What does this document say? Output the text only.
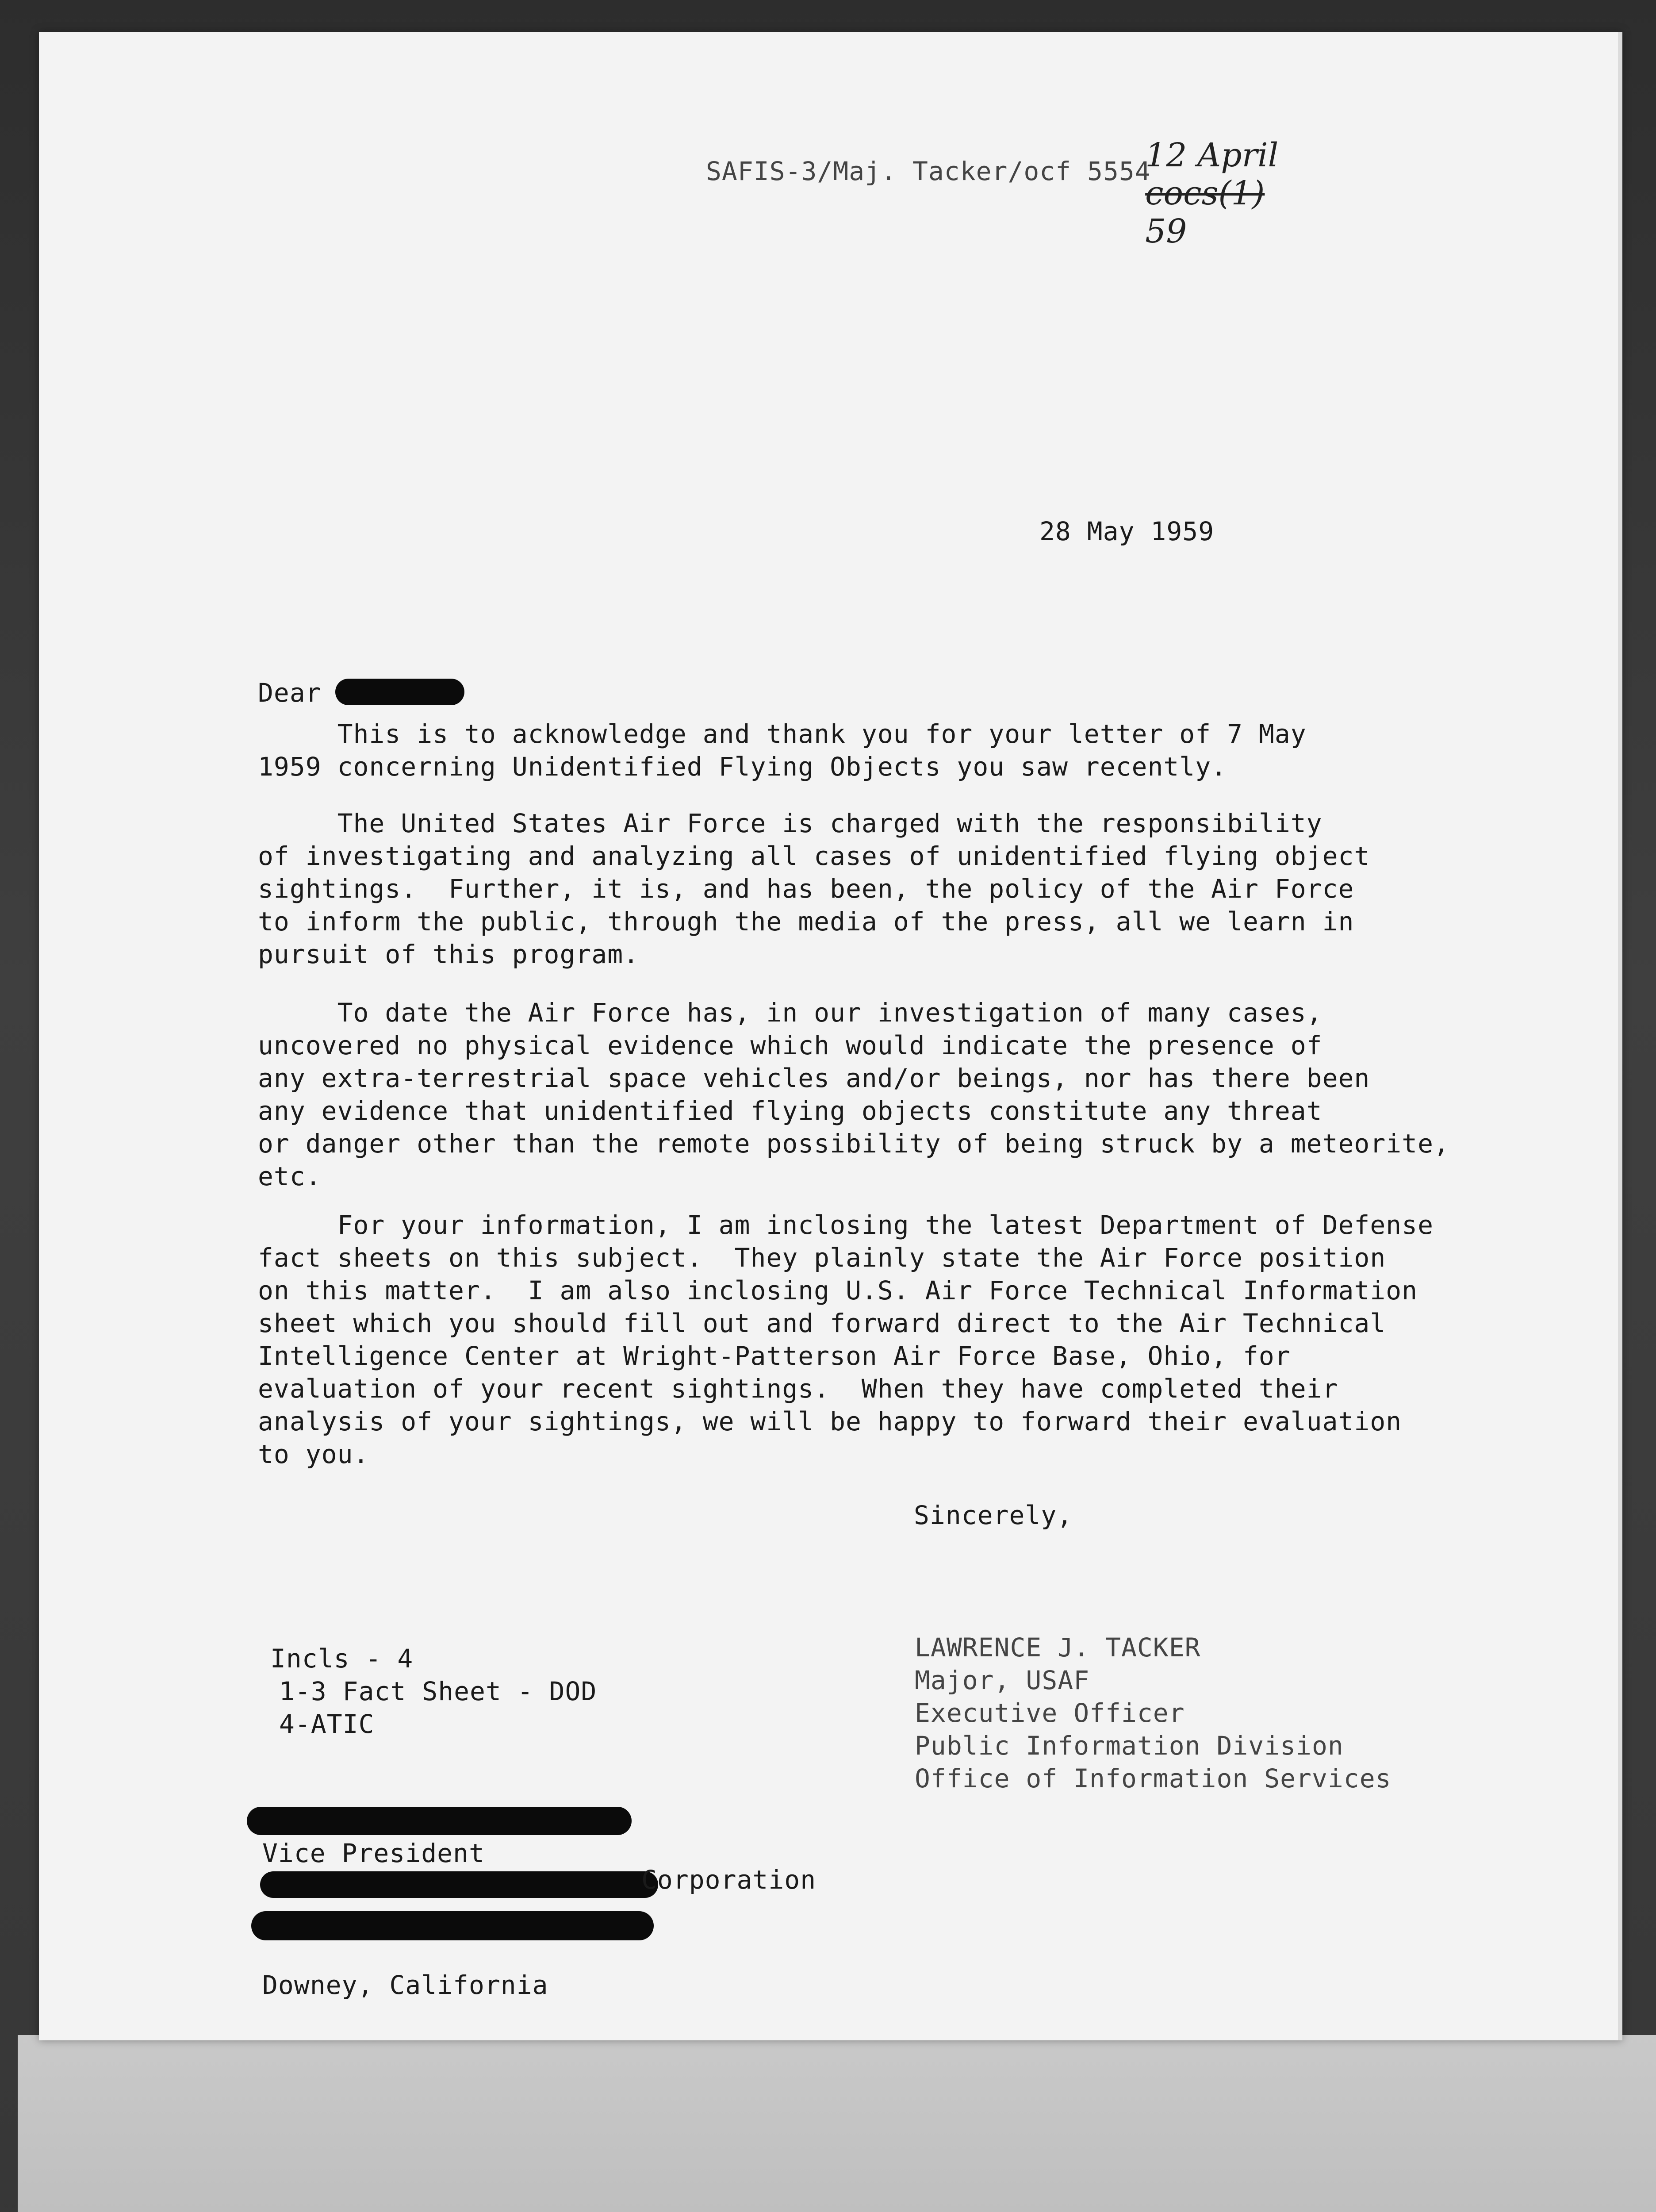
12 April
cocs(1)
59

SAFIS-3/Maj. Tacker/ocf 5554
28 May 1959
Dear
This is to acknowledge and thank you for your letter of 7 May
1959 concerning Unidentified Flying Objects you saw recently.
The United States Air Force is charged with the responsibility
of investigating and analyzing all cases of unidentified flying object
sightings.  Further, it is, and has been, the policy of the Air Force
to inform the public, through the media of the press, all we learn in
pursuit of this program.
To date the Air Force has, in our investigation of many cases,
uncovered no physical evidence which would indicate the presence of
any extra-terrestrial space vehicles and/or beings, nor has there been
any evidence that unidentified flying objects constitute any threat
or danger other than the remote possibility of being struck by a meteorite,
etc.
For your information, I am inclosing the latest Department of Defense
fact sheets on this subject.  They plainly state the Air Force position
on this matter.  I am also inclosing U.S. Air Force Technical Information
sheet which you should fill out and forward direct to the Air Technical
Intelligence Center at Wright-Patterson Air Force Base, Ohio, for
evaluation of your recent sightings.  When they have completed their
analysis of your sightings, we will be happy to forward their evaluation
to you.
Sincerely,
Incls - 4
1-3 Fact Sheet - DOD
4-ATIC
LAWRENCE J. TACKER
Major, USAF
Executive Officer
Public Information Division
Office of Information Services
Vice President
Corporation
Downey, California
